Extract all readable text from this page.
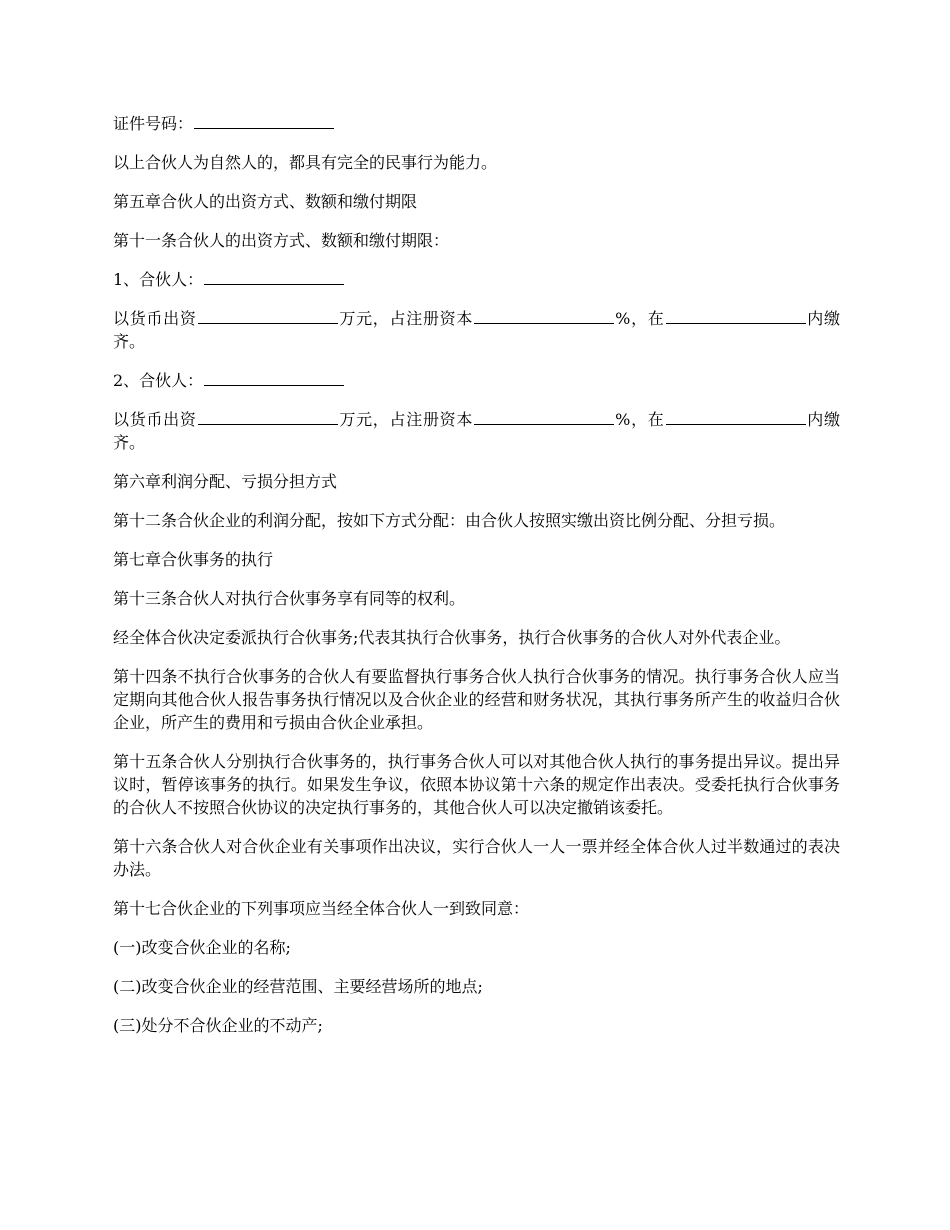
证件号码：

以上合伙人为自然人的，都具有完全的民事行为能力。

第五章合伙人的出资方式、数额和缴付期限

第十一条合伙人的出资方式、数额和缴付期限：

1、合伙人：

以货币出资	万元，占注册资本	%，在	内缴齐。

2、合伙人：

以货币出资	万元，占注册资本	%，在	内缴齐。

第六章利润分配、亏损分担方式

第十二条合伙企业的利润分配，按如下方式分配：由合伙人按照实缴出资比例分配、分担亏损。

第七章合伙事务的执行

第十三条合伙人对执行合伙事务享有同等的权利。

经全体合伙决定委派执行合伙事务;代表其执行合伙事务，执行合伙事务的合伙人对外代表企业。

第十四条不执行合伙事务的合伙人有要监督执行事务合伙人执行合伙事务的情况。执行事务合伙人应当定期向其他合伙人报告事务执行情况以及合伙企业的经营和财务状况，其执行事务所产生的收益归合伙企业，所产生的费用和亏损由合伙企业承担。

第十五条合伙人分别执行合伙事务的，执行事务合伙人可以对其他合伙人执行的事务提出异议。提出异议时，暂停该事务的执行。如果发生争议，依照本协议第十六条的规定作出表决。受委托执行合伙事务的合伙人不按照合伙协议的决定执行事务的，其他合伙人可以决定撤销该委托。

第十六条合伙人对合伙企业有关事项作出决议，实行合伙人一人一票并经全体合伙人过半数通过的表决办法。

第十七合伙企业的下列事项应当经全体合伙人一到致同意：

(一)改变合伙企业的名称;

(二)改变合伙企业的经营范围、主要经营场所的地点;

(三)处分不合伙企业的不动产;
